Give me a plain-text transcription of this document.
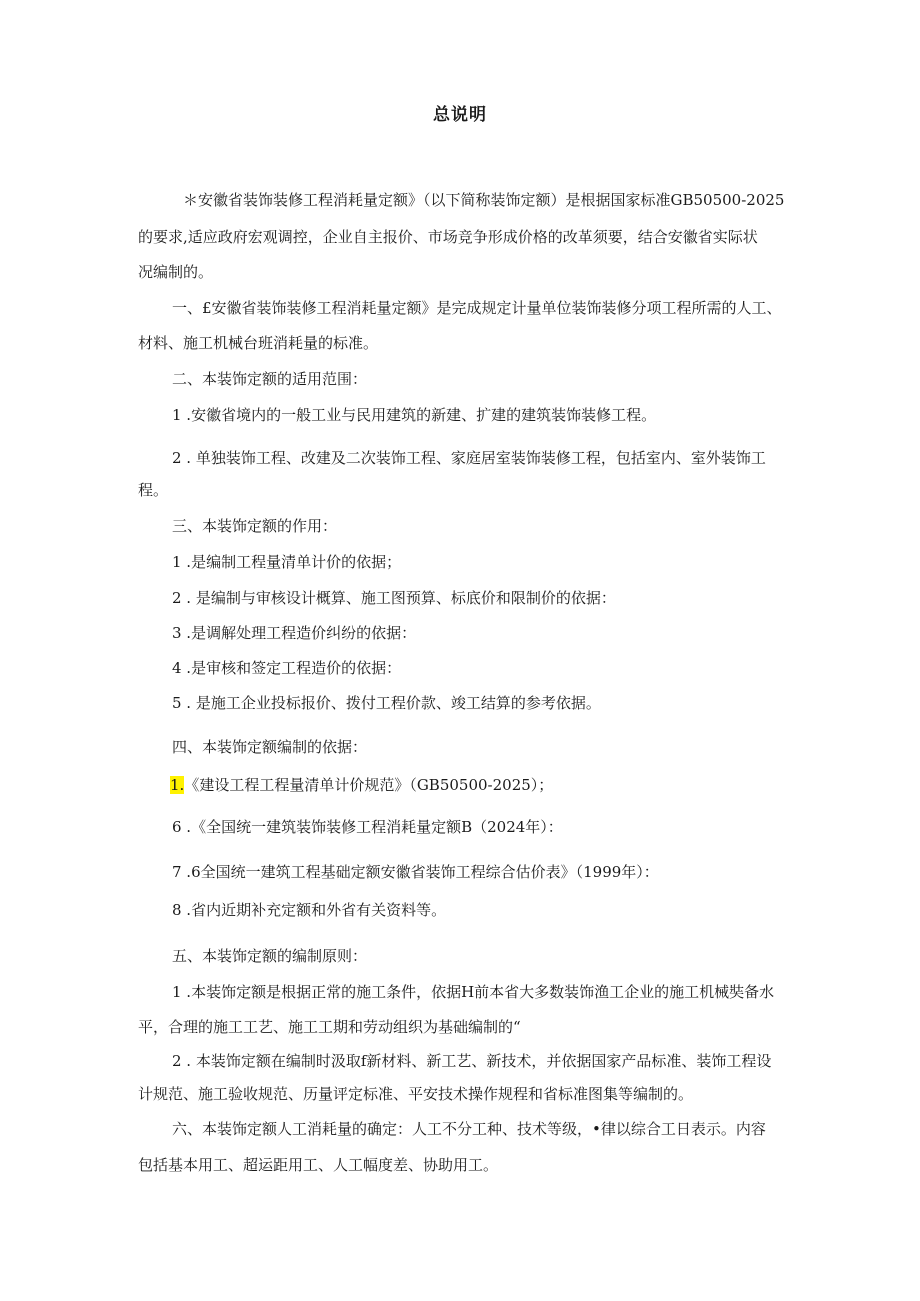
总说明
＊安徽省装饰装修工程消耗量定额》（以下简称装饰定额）是根据国家标准GB50500-2025
的要求,适应政府宏观调控，企业自主报价、市场竞争形成价格的改革须要，结合安徽省实际状
况编制的。
一、£安徽省装饰装修工程消耗量定额》是完成规定计量单位装饰装修分项工程所需的人工、
材料、施工机械台班消耗量的标准。
二、本装饰定额的适用范围：
1 .安徽省境内的一般工业与民用建筑的新建、扩建的建筑装饰装修工程。
2 . 单独装饰工程、改建及二次装饰工程、家庭居室装饰装修工程，包括室内、室外装饰工
程。
三、本装饰定额的作用：
1 .是编制工程量清单计价的依据；
2 . 是编制与审核设计概算、施工图预算、标底价和限制价的依据：
3 .是调解处理工程造价纠纷的依据：
4 .是审核和签定工程造价的依据：
5 . 是施工企业投标报价、拨付工程价款、竣工结算的参考依据。
四、本装饰定额编制的依据：
1.《建设工程工程量清单计价规范》（GB50500-2025）；
6 .《全国统一建筑装饰装修工程消耗量定额B（2024年）：
7 .6全国统一建筑工程基础定额安徽省装饰工程综合估价表》（1999年）：
8 .省内近期补充定额和外省有关资料等。
五、本装饰定额的编制原则：
1 .本装饰定额是根据正常的施工条件，依据H前本省大多数装饰渔工企业的施工机械奘备水
平，合理的施工工艺、施工工期和劳动组织为基础编制的“
2 . 本装饰定额在编制时汲取f新材料、新工艺、新技术，并依据国家产品标准、装饰工程设
计规范、施工验收规范、历量评定标准、平安技术操作规程和省标准图集等编制的。
六、本装饰定额人工消耗量的确定：人工不分工种、技术等级，•律以综合工日表示。内容
包括基本用工、超运距用工、人工幅度差、协助用工。
